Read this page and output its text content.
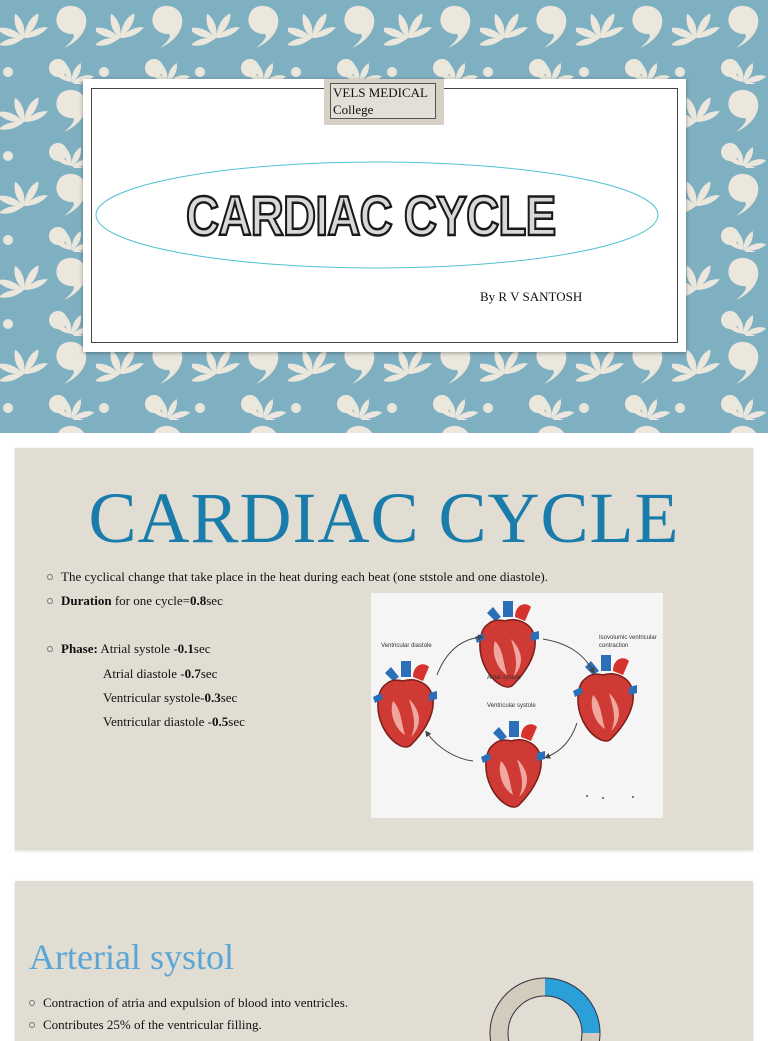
VELS MEDICAL
College
CARDIAC CYCLE
By R V SANTOSH
CARDIAC CYCLE
The cyclical change that take place in the heat during each beat (one ststole and one diastole).
Duration for one cycle=0.8sec
Phase: Atrial systole -0.1sec
Atrial diastole -0.7sec
Ventricular systole-0.3sec
Ventricular diastole -0.5sec
Ventricular diastole
Isovolumic ventricular
contraction
Atrial systole
Ventricular systole
Arterial systol
Contraction of atria and expulsion of blood into ventricles.
Contributes 25% of the ventricular filling.
